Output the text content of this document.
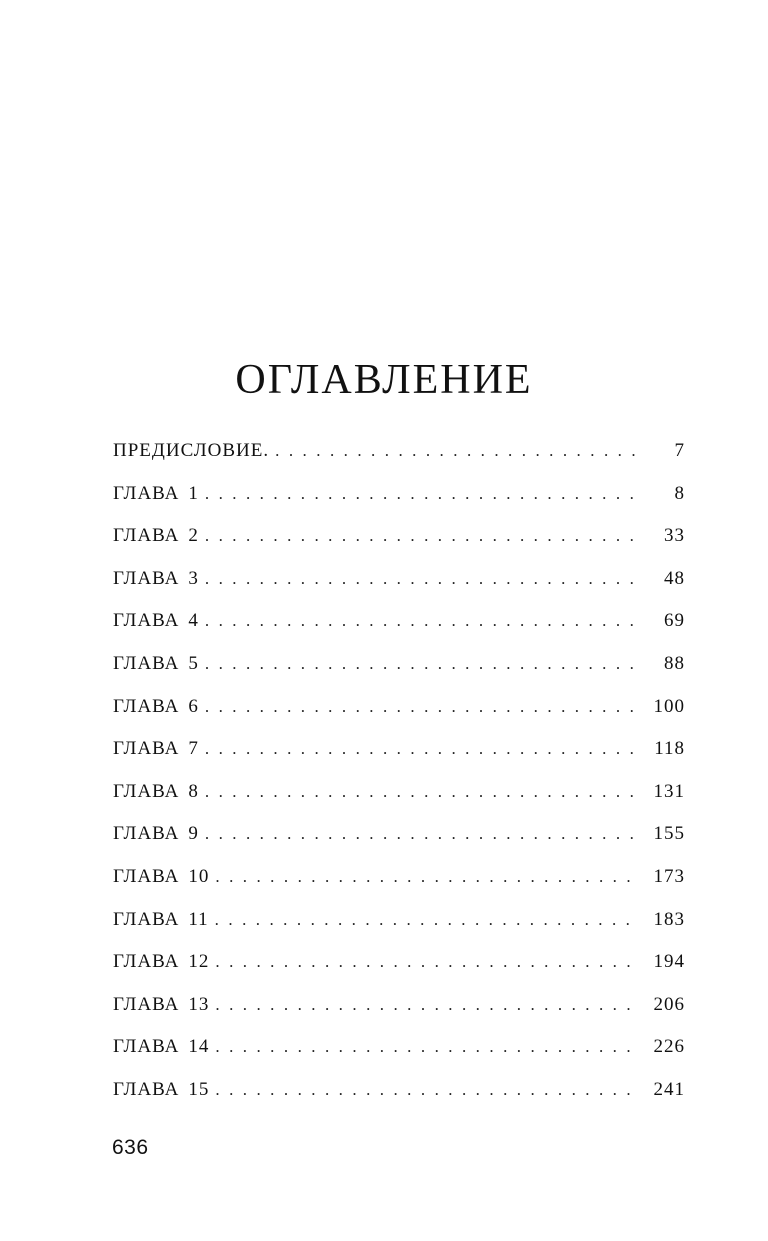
ОГЛАВЛЕНИЕ
ПРЕДИСЛОВИЕ. . . .	7
ГЛАВА 1 . . .	8
ГЛАВА 2 . . .	33
ГЛАВА 3 . . .	48
ГЛАВА 4 . . .	69
ГЛАВА 5 . . .	88
ГЛАВА 6 . . .	100
ГЛАВА 7 . . .	118
ГЛАВА 8 . . .	131
ГЛАВА 9 . . .	155
ГЛАВА 10 . . .	173
ГЛАВА 11 . . .	183
ГЛАВА 12 . . .	194
ГЛАВА 13 . . .	206
ГЛАВА 14 . . .	226
ГЛАВА 15 . . .	241
636
